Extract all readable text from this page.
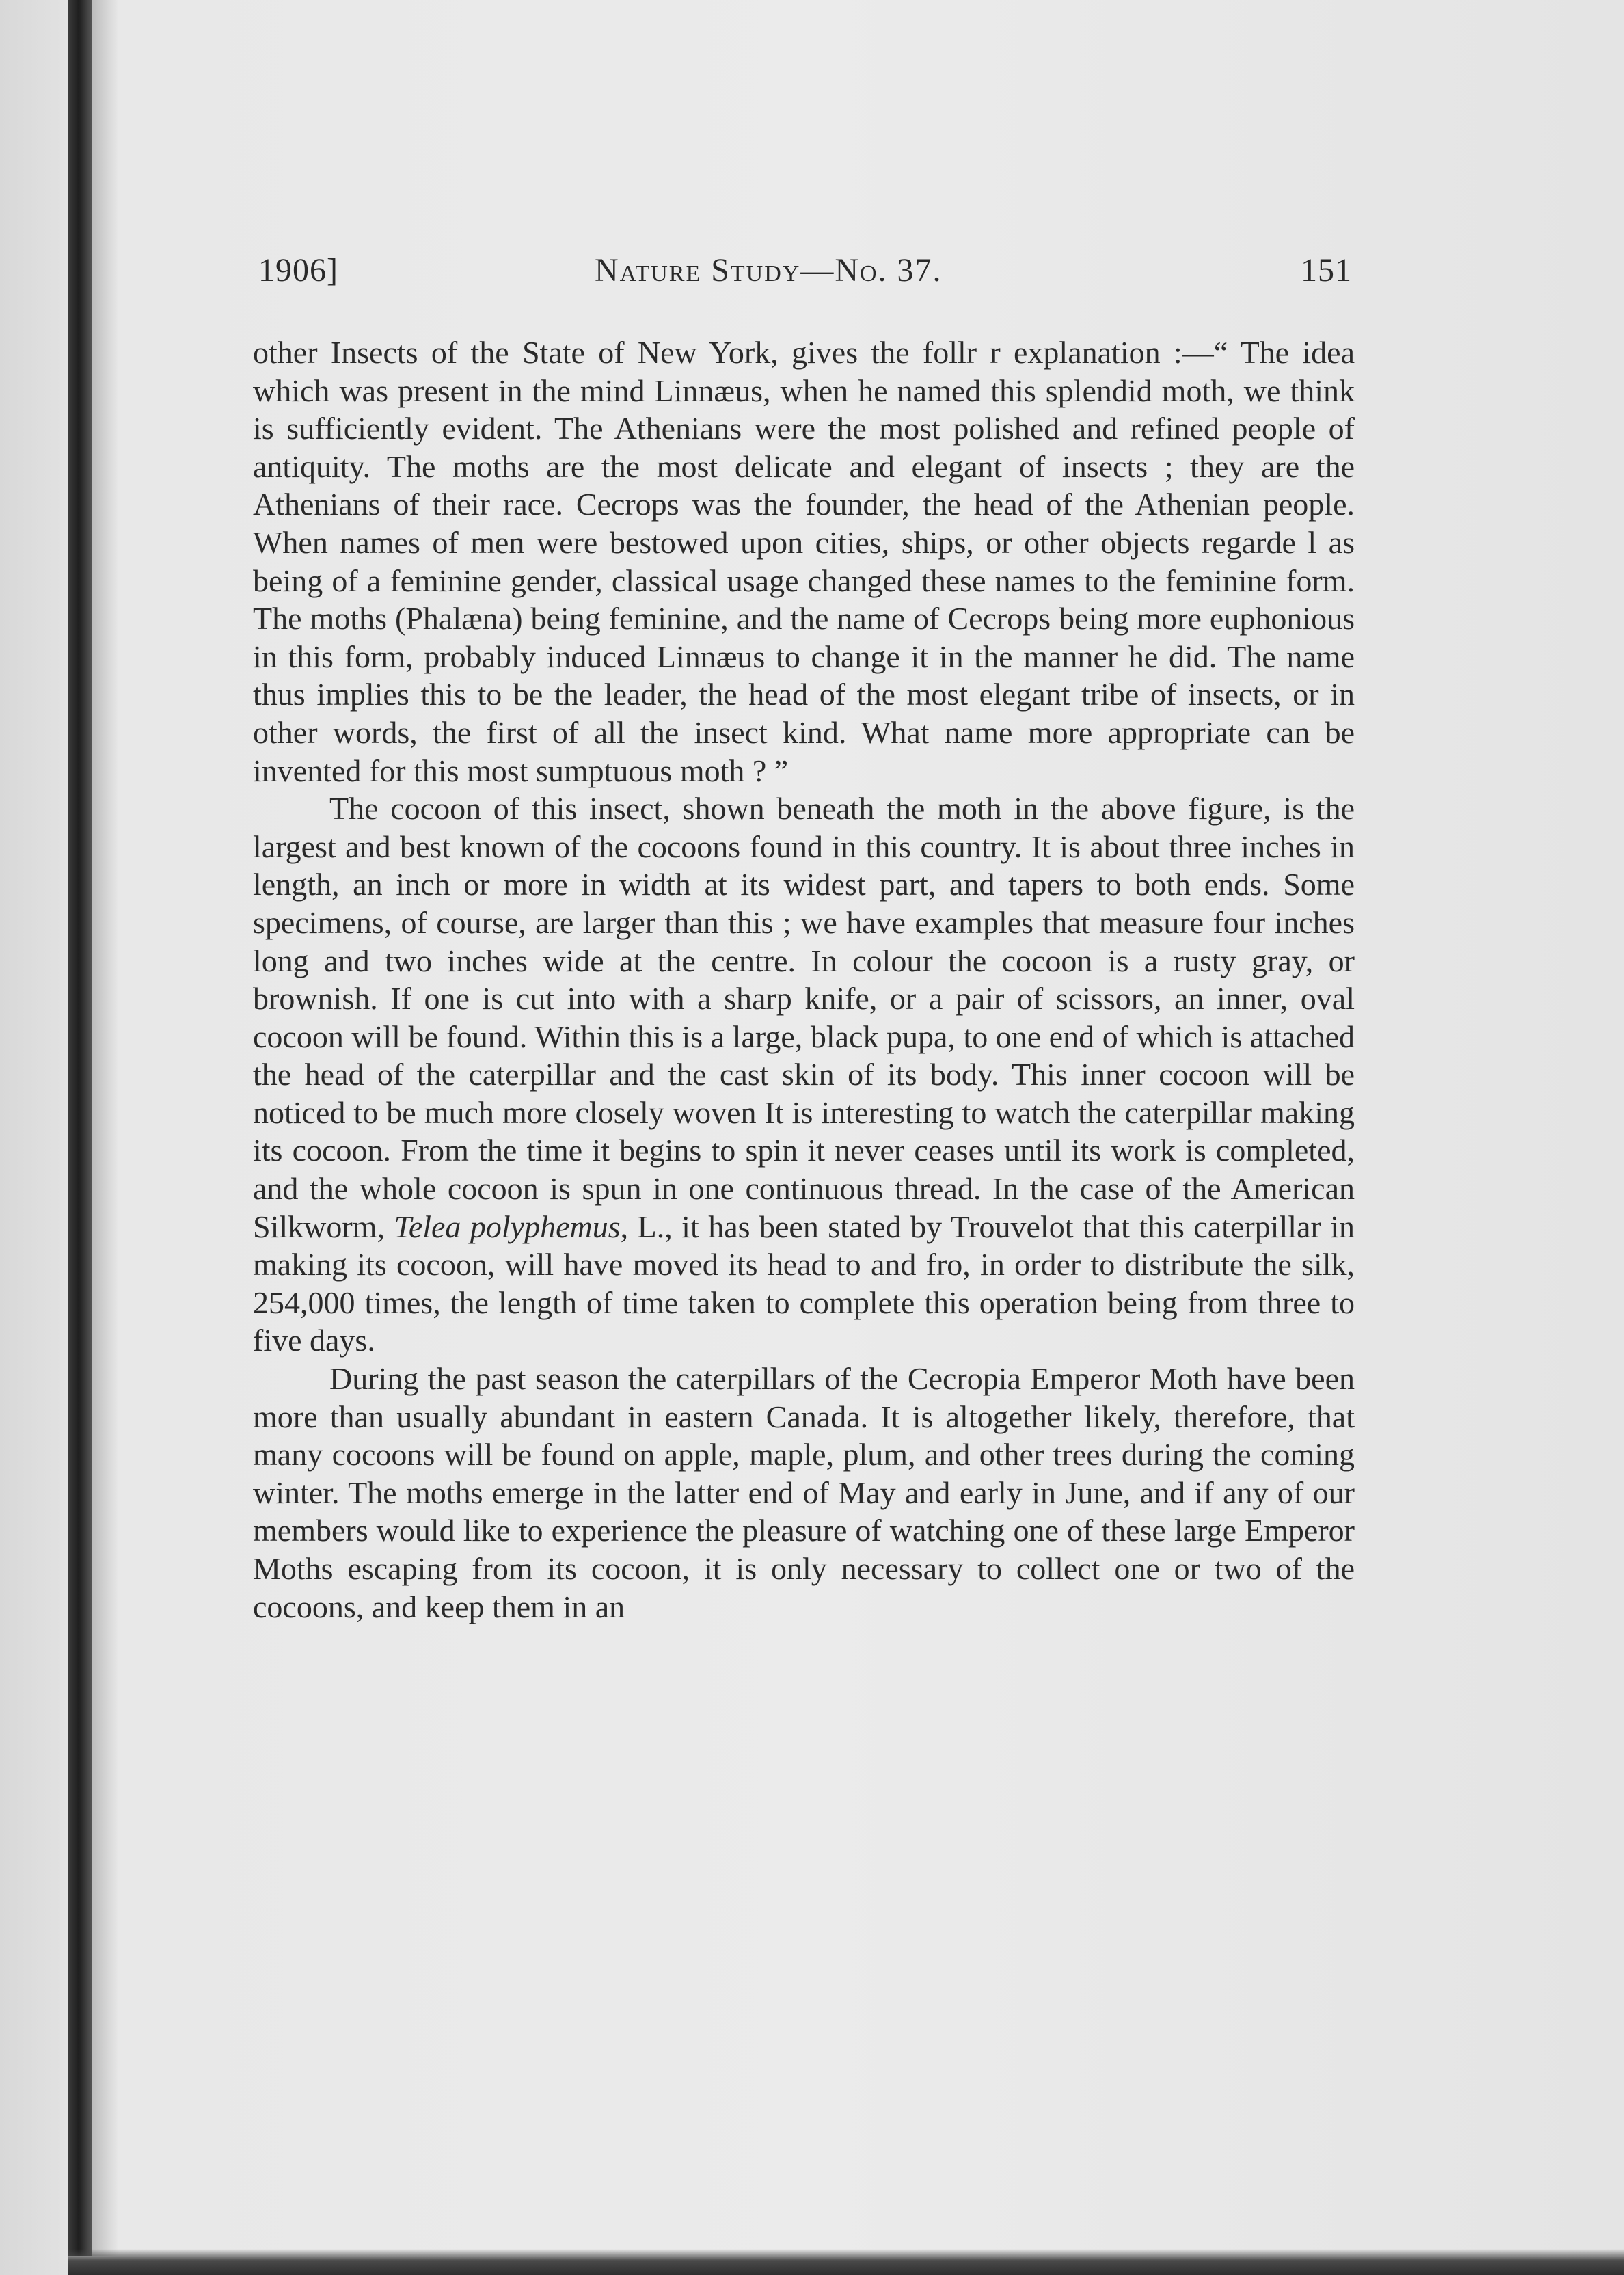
1906]	Nature Study—No. 37.	151

other Insects of the State of New York, gives the follr r explanation :—“ The idea which was present in the mind Linnæus, when he named this splendid moth, we think is sufficiently evident. The Athenians were the most polished and refined people of antiquity. The moths are the most delicate and elegant of insects ; they are the Athenians of their race. Cecrops was the founder, the head of the Athenian people. When names of men were bestowed upon cities, ships, or other objects regarde l as being of a feminine gender, classical usage changed these names to the feminine form. The moths (Phalæna) being feminine, and the name of Cecrops being more euphonious in this form, probably induced Linnæus to change it in the manner he did. The name thus implies this to be the leader, the head of the most elegant tribe of insects, or in other words, the first of all the insect kind. What name more appropriate can be invented for this most sumptuous moth ? ”

The cocoon of this insect, shown beneath the moth in the above figure, is the largest and best known of the cocoons found in this country. It is about three inches in length, an inch or more in width at its widest part, and tapers to both ends. Some specimens, of course, are larger than this ; we have examples that measure four inches long and two inches wide at the centre. In colour the cocoon is a rusty gray, or brownish. If one is cut into with a sharp knife, or a pair of scissors, an inner, oval cocoon will be found. Within this is a large, black pupa, to one end of which is attached the head of the caterpillar and the cast skin of its body. This inner cocoon will be noticed to be much more closely woven It is interesting to watch the caterpillar making its cocoon. From the time it begins to spin it never ceases until its work is completed, and the whole cocoon is spun in one continuous thread. In the case of the American Silkworm, Telea polyphemus, L., it has been stated by Trouvelot that this caterpillar in making its cocoon, will have moved its head to and fro, in order to distribute the silk, 254,000 times, the length of time taken to complete this operation being from three to five days.

During the past season the caterpillars of the Cecropia Emperor Moth have been more than usually abundant in eastern Canada. It is altogether likely, therefore, that many cocoons will be found on apple, maple, plum, and other trees during the coming winter. The moths emerge in the latter end of May and early in June, and if any of our members would like to experience the pleasure of watching one of these large Emperor Moths escaping from its cocoon, it is only necessary to collect one or two of the cocoons, and keep them in an
